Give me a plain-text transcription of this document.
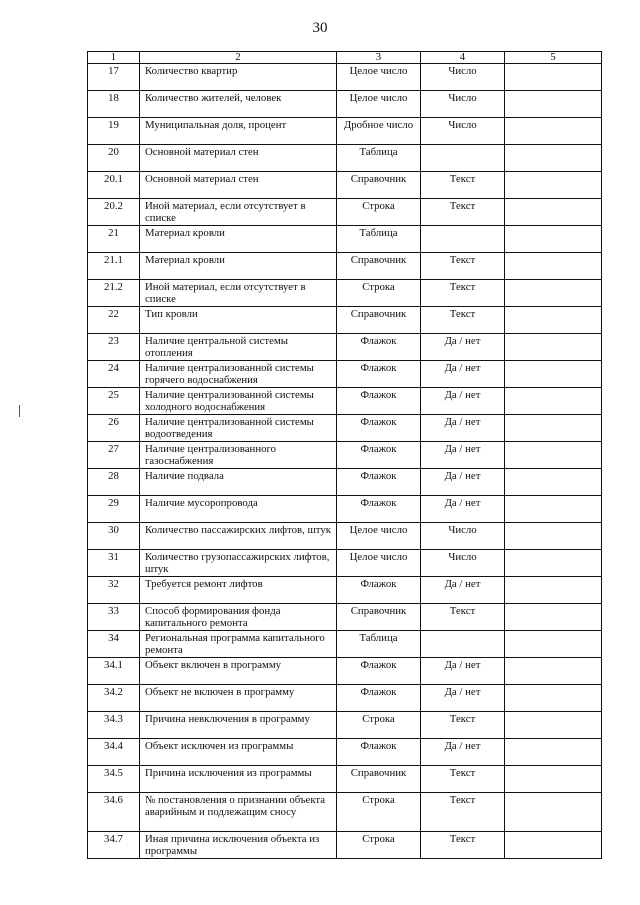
30
1	2	3	4	5
17	Количество квартир	Целое число	Число	
18	Количество жителей, человек	Целое число	Число	
19	Муниципальная доля, процент	Дробное число	Число	
20	Основной материал стен	Таблица		
20.1	Основной материал стен	Справочник	Текст	
20.2	Иной материал, если отсутствует в списке	Строка	Текст	
21	Материал кровли	Таблица		
21.1	Материал кровли	Справочник	Текст	
21.2	Иной материал, если отсутствует в списке	Строка	Текст	
22	Тип кровли	Справочник	Текст	
23	Наличие центральной системы отопления	Флажок	Да / нет	
24	Наличие централизованной системы горячего водоснабжения	Флажок	Да / нет	
25	Наличие централизованной системы холодного водоснабжения	Флажок	Да / нет	
26	Наличие централизованной системы водоотведения	Флажок	Да / нет	
27	Наличие централизованного газоснабжения	Флажок	Да / нет	
28	Наличие подвала	Флажок	Да / нет	
29	Наличие мусоропровода	Флажок	Да / нет	
30	Количество пассажирских лифтов, штук	Целое число	Число	
31	Количество грузопассажирских лифтов, штук	Целое число	Число	
32	Требуется ремонт лифтов	Флажок	Да / нет	
33	Способ формирования фонда капитального ремонта	Справочник	Текст	
34	Региональная программа капитального ремонта	Таблица		
34.1	Объект включен в программу	Флажок	Да / нет	
34.2	Объект не включен в программу	Флажок	Да / нет	
34.3	Причина невключения в программу	Строка	Текст	
34.4	Объект исключен из программы	Флажок	Да / нет	
34.5	Причина исключения из программы	Справочник	Текст	
34.6	№ постановления о признании объекта аварийным и подлежащим сносу	Строка	Текст	
34.7	Иная причина исключения объекта из программы	Строка	Текст	
